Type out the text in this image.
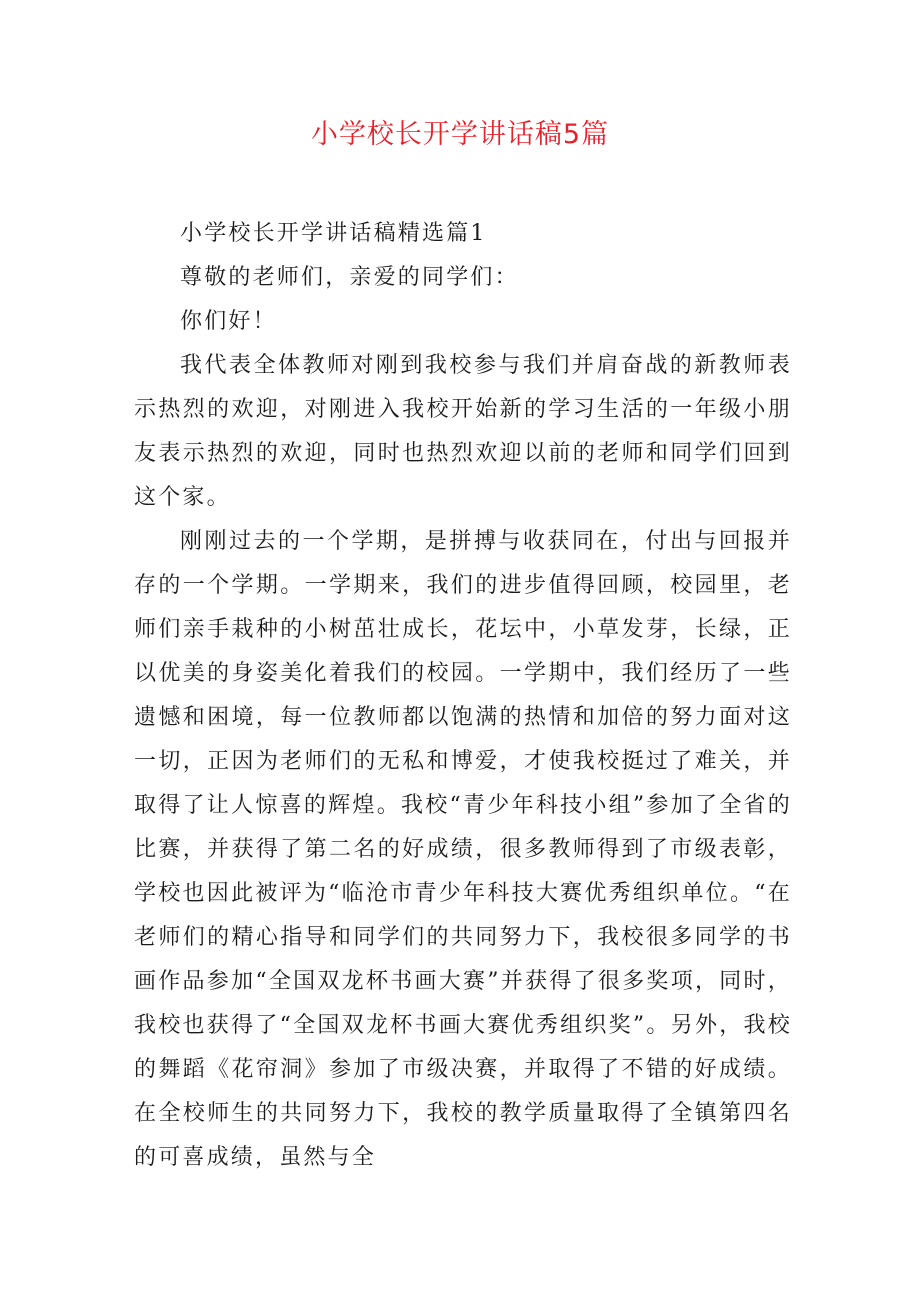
小学校长开学讲话稿5篇

小学校长开学讲话稿精选篇1

尊敬的老师们，亲爱的同学们：

你们好！

我代表全体教师对刚到我校参与我们并肩奋战的新教师表示热烈的欢迎，对刚进入我校开始新的学习生活的一年级小朋友表示热烈的欢迎，同时也热烈欢迎以前的老师和同学们回到这个家。

刚刚过去的一个学期，是拼搏与收获同在，付出与回报并存的一个学期。一学期来，我们的进步值得回顾，校园里，老师们亲手栽种的小树茁壮成长，花坛中，小草发芽，长绿，正以优美的身姿美化着我们的校园。一学期中，我们经历了一些遗憾和困境，每一位教师都以饱满的热情和加倍的努力面对这一切，正因为老师们的无私和博爱，才使我校挺过了难关，并取得了让人惊喜的辉煌。我校“青少年科技小组”参加了全省的比赛，并获得了第二名的好成绩，很多教师得到了市级表彰，学校也因此被评为“临沧市青少年科技大赛优秀组织单位。“在老师们的精心指导和同学们的共同努力下，我校很多同学的书画作品参加“全国双龙杯书画大赛”并获得了很多奖项，同时，我校也获得了“全国双龙杯书画大赛优秀组织奖”。另外，我校的舞蹈《花帘洞》参加了市级决赛，并取得了不错的好成绩。在全校师生的共同努力下，我校的教学质量取得了全镇第四名的可喜成绩，虽然与全
